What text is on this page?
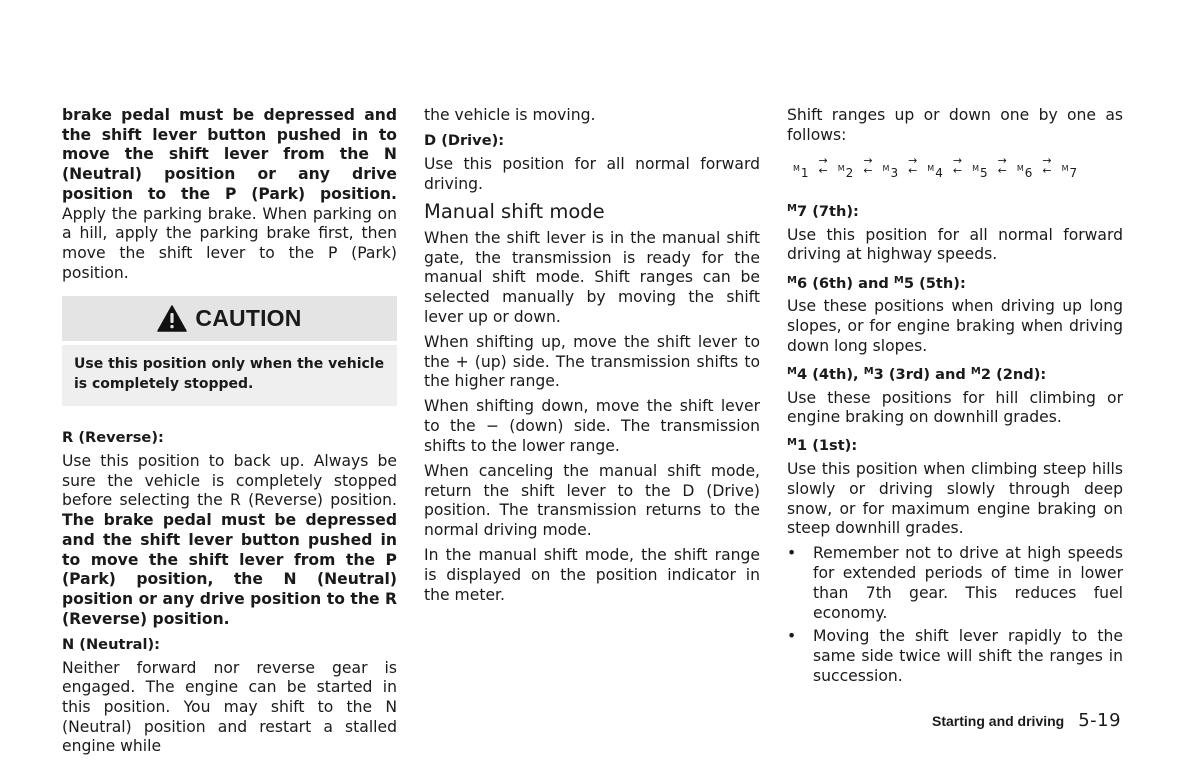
brake pedal must be depressed and the shift lever button pushed in to move the shift lever from the N (Neutral) position or any drive position to the P (Park) position. Apply the parking brake. When parking on a hill, apply the parking brake first, then move the shift lever to the P (Park) position.

CAUTION
Use this position only when the vehicle is completely stopped.
R (Reverse):

Use this position to back up. Always be sure the vehicle is completely stopped before selecting the R (Reverse) position. The brake pedal must be depressed and the shift lever button pushed in to move the shift lever from the P (Park) position, the N (Neutral) position or any drive position to the R (Reverse) position.

N (Neutral):

Neither forward nor reverse gear is engaged. The engine can be started in this position. You may shift to the N (Neutral) position and restart a stalled engine while

the vehicle is moving.

D (Drive):

Use this position for all normal forward driving.

Manual shift mode

When the shift lever is in the manual shift gate, the transmission is ready for the manual shift mode. Shift ranges can be selected manually by moving the shift lever up or down.

When shifting up, move the shift lever to the + (up) side. The transmission shifts to the higher range.

When shifting down, move the shift lever to the − (down) side. The transmission shifts to the lower range.

When canceling the manual shift mode, return the shift lever to the D (Drive) position. The transmission returns to the normal driving mode.

In the manual shift mode, the shift range is displayed on the position indicator in the meter.

Shift ranges up or down one by one as follows:

$^M$1
→
← $^M$2
→
← $^M$3
→
← $^M$4
→
← $^M$5
→
← $^M$6
→
← $^M$7
$^M$7 (7th):

Use this position for all normal forward driving at highway speeds.

$^M$6 (6th) and $^M$5 (5th):

Use these positions when driving up long slopes, or for engine braking when driving down long slopes.

$^M$4 (4th), $^M$3 (3rd) and $^M$2 (2nd):

Use these positions for hill climbing or engine braking on downhill grades.

$^M$1 (1st):

Use this position when climbing steep hills slowly or driving slowly through deep snow, or for maximum engine braking on steep downhill grades.

• Remember not to drive at high speeds for extended periods of time in lower than 7th gear. This reduces fuel economy.
• Moving the shift lever rapidly to the same side twice will shift the ranges in succession.
Starting and driving 5-19
